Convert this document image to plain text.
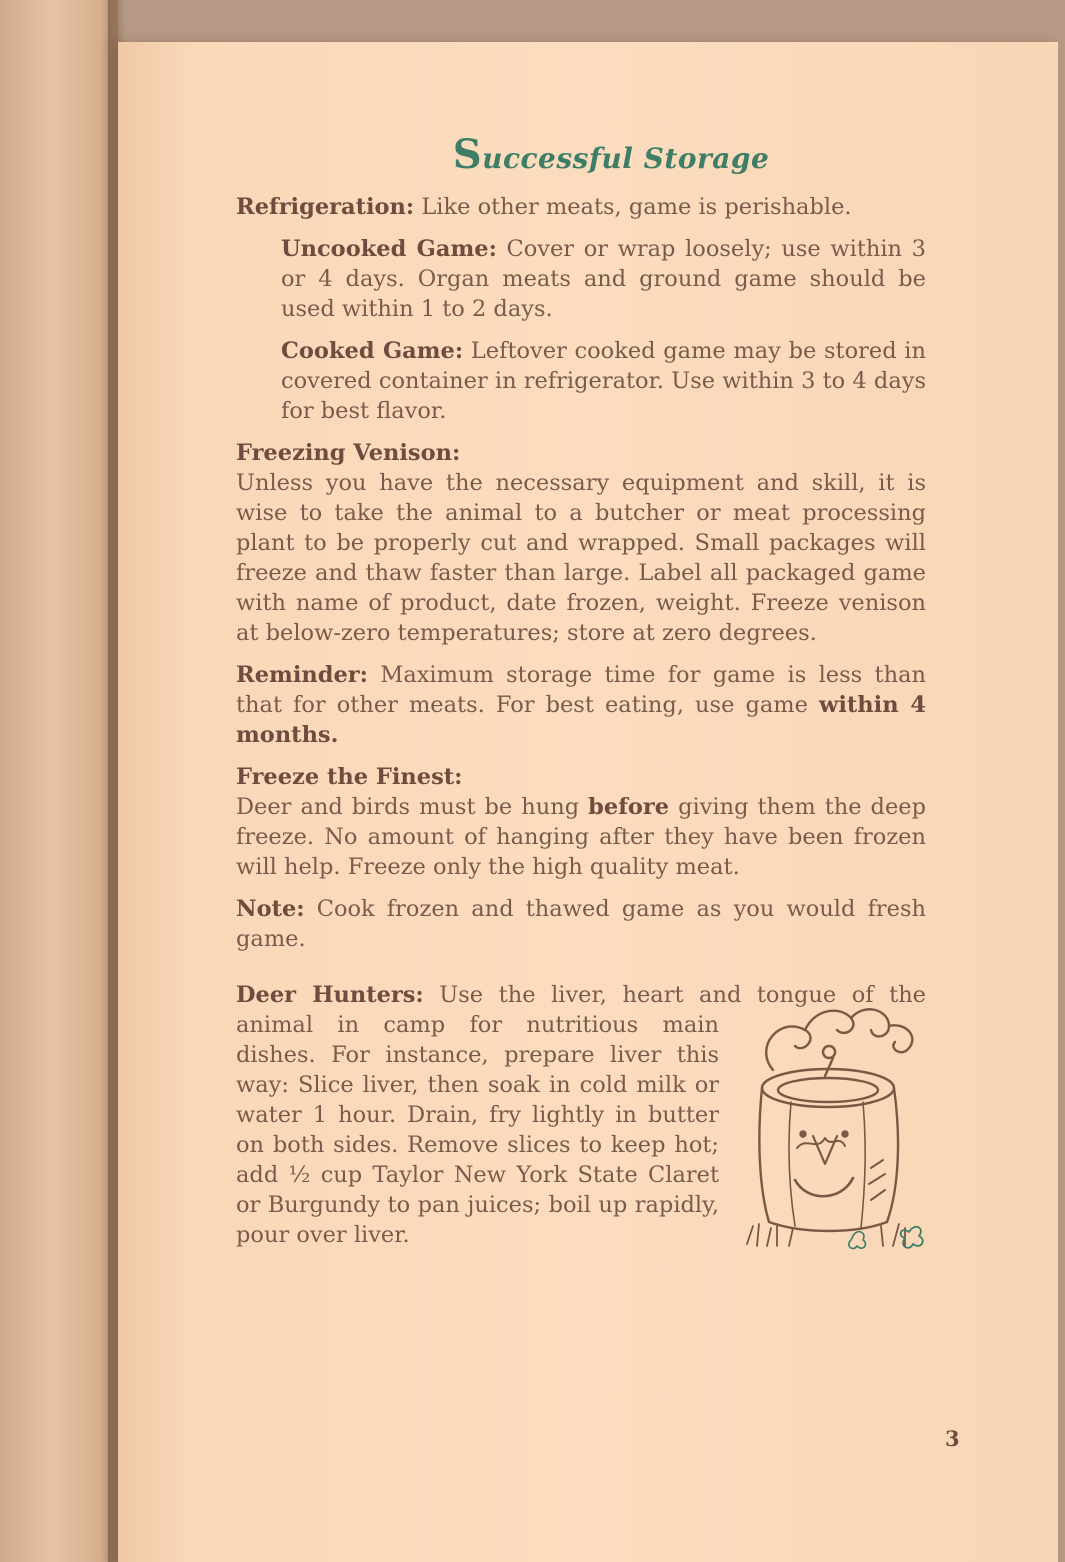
Successful Storage

Refrigeration: Like other meats, game is perishable.

Uncooked Game: Cover or wrap loosely; use within 3 or 4 days. Organ meats and ground game should be used within 1 to 2 days.

Cooked Game: Leftover cooked game may be stored in covered container in refrigerator. Use within 3 to 4 days for best flavor.

Freezing Venison:

Unless you have the necessary equipment and skill, it is wise to take the animal to a butcher or meat processing plant to be properly cut and wrapped. Small packages will freeze and thaw faster than large. Label all packaged game with name of product, date frozen, weight. Freeze venison at below-zero temperatures; store at zero degrees.

Reminder: Maximum storage time for game is less than that for other meats. For best eating, use game within 4 months.

Freeze the Finest:

Deer and birds must be hung before giving them the deep freeze. No amount of hanging after they have been frozen will help. Freeze only the high quality meat.

Note: Cook frozen and thawed game as you would fresh game.

Deer Hunters: Use the liver, heart and tongue of the animal in camp for nutritious main dishes. For instance, prepare liver this way: Slice liver, then soak in cold milk or water 1 hour. Drain, fry lightly in butter on both sides. Remove slices to keep hot; add ½ cup Taylor New York State Claret or Burgundy to pan juices; boil up rapidly, pour over liver.

3
